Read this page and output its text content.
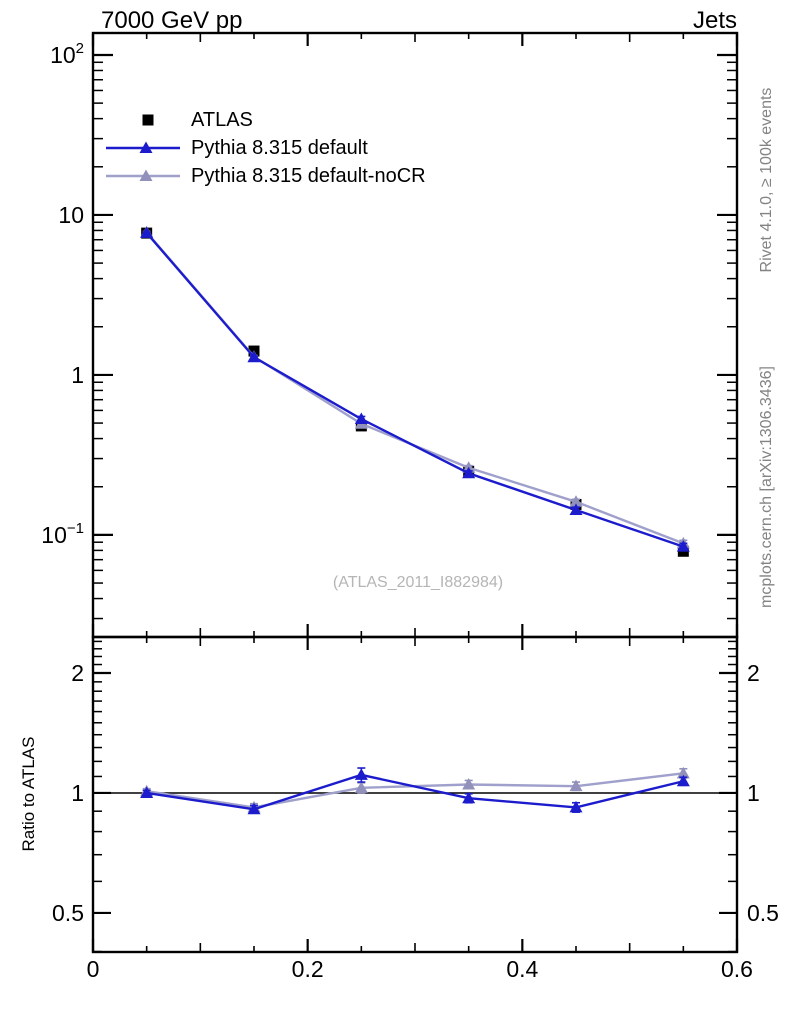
$10^2$
10
1
$10^{-1}$
2	2
1	1
0.5	0.5
0	0.2	0.4	0.6
7000 GeV pp	Jets
ATLAS
Pythia 8.315 default
Pythia 8.315 default-noCR
(ATLAS_2011_I882984)
Rivet 4.1.0, ≥ 100k events
mcplots.cern.ch [arXiv:1306.3436]
Ratio to ATLAS
